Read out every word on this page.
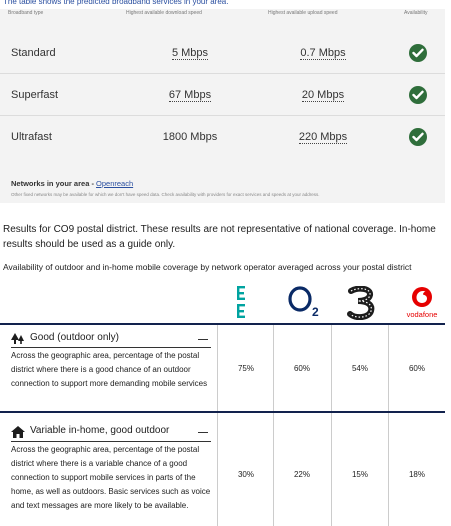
The table shows the predicted broadband services in your area.
Broadband type	Highest available download speed	Highest available upload speed	Availability
Standard	5 Mbps	0.7 Mbps
Superfast	67 Mbps	20 Mbps
Ultrafast	1800 Mbps	220 Mbps
Networks in your area - Openreach
Other fixed networks may be available for which we don't have speed data. Check availability with providers for exact services and speeds at your address.
Results for CO9 postal district. These results are not representative of national coverage. In-home results should be used as a guide only.
Availability of outdoor and in-home mobile coverage by network operator averaged across your postal district
2	vodafone
Good (outdoor only)
Across the geographic area, percentage of the postal district where there is a good chance of an outdoor connection to support more demanding mobile services
75%	60%	54%	60%
Variable in-home, good outdoor
Across the geographic area, percentage of the postal district where there is a variable chance of a good connection to support mobile services in parts of the home, as well as outdoors. Basic services such as voice and text messages are more likely to be available.
30%	22%	15%	18%
